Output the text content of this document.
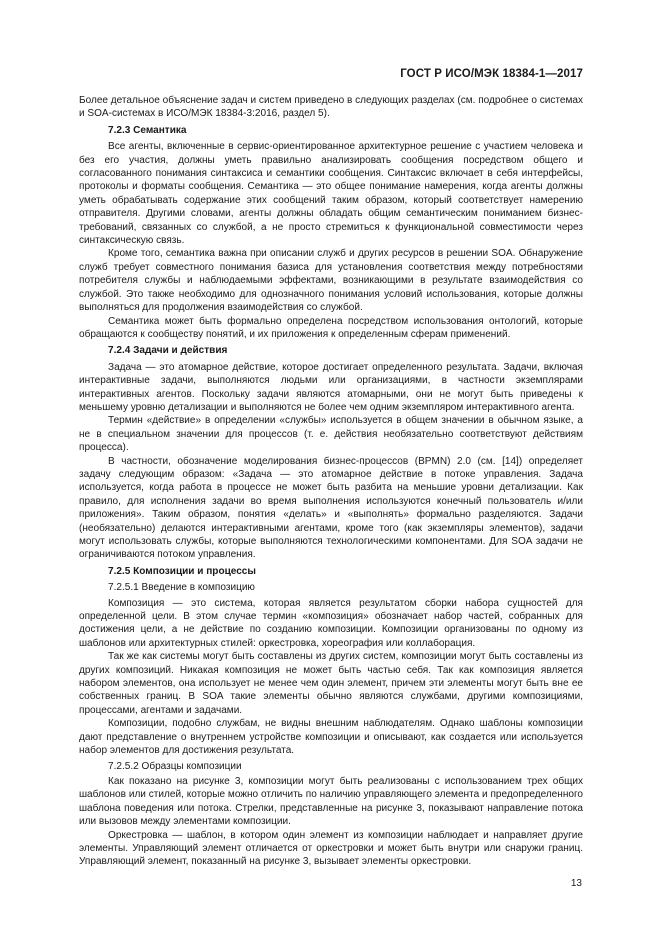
ГОСТ Р ИСО/МЭК 18384-1—2017

Более детальное объяснение задач и систем приведено в следующих разделах (см. подробнее о системах и SOA-системах в ИСО/МЭК 18384-3:2016, раздел 5).

7.2.3 Семантика

Все агенты, включенные в сервис-ориентированное архитектурное решение с участием человека и без его участия, должны уметь правильно анализировать сообщения посредством общего и согласованного понимания синтаксиса и семантики сообщения. Синтаксис включает в себя интерфейсы, протоколы и форматы сообщения. Семантика — это общее понимание намерения, когда агенты должны уметь обрабатывать содержание этих сообщений таким образом, который соответствует намерению отправителя. Другими словами, агенты должны обладать общим семантическим пониманием бизнес-требований, связанных со службой, а не просто стремиться к функциональной совместимости через синтаксическую связь.

Кроме того, семантика важна при описании служб и других ресурсов в решении SOA. Обнаружение служб требует совместного понимания базиса для установления соответствия между потребностями потребителя службы и наблюдаемыми эффектами, возникающими в результате взаимодействия со службой. Это также необходимо для однозначного понимания условий использования, которые должны выполняться для продолжения взаимодействия со службой.

Семантика может быть формально определена посредством использования онтологий, которые обращаются к сообществу понятий, и их приложения к определенным сферам применений.

7.2.4 Задачи и действия

Задача — это атомарное действие, которое достигает определенного результата. Задачи, включая интерактивные задачи, выполняются людьми или организациями, в частности экземплярами интерактивных агентов. Поскольку задачи являются атомарными, они не могут быть приведены к меньшему уровню детализации и выполняются не более чем одним экземпляром интерактивного агента.

Термин «действие» в определении «службы» используется в общем значении в обычном языке, а не в специальном значении для процессов (т. е. действия необязательно соответствуют действиям процесса).

В частности, обозначение моделирования бизнес-процессов (BPMN) 2.0 (см. [14]) определяет задачу следующим образом: «Задача — это атомарное действие в потоке управления. Задача используется, когда работа в процессе не может быть разбита на меньшие уровни детализации. Как правило, для исполнения задачи во время выполнения используются конечный пользователь и/или приложения». Таким образом, понятия «делать» и «выполнять» формально разделяются. Задачи (необязательно) делаются интерактивными агентами, кроме того (как экземпляры элементов), задачи могут использовать службы, которые выполняются технологическими компонентами. Для SOA задачи не ограничиваются потоком управления.

7.2.5 Композиции и процессы
7.2.5.1 Введение в композицию

Композиция — это система, которая является результатом сборки набора сущностей для определенной цели. В этом случае термин «композиция» обозначает набор частей, собранных для достижения цели, а не действие по созданию композиции. Композиции организованы по одному из шаблонов или архитектурных стилей: оркестровка, хореография или коллаборация.

Так же как системы могут быть составлены из других систем, композиции могут быть составлены из других композиций. Никакая композиция не может быть частью себя. Так как композиция является набором элементов, она использует не менее чем один элемент, причем эти элементы могут быть вне ее собственных границ. В SOA такие элементы обычно являются службами, другими композициями, процессами, агентами и задачами.

Композиции, подобно службам, не видны внешним наблюдателям. Однако шаблоны композиции дают представление о внутреннем устройстве композиции и описывают, как создается или используется набор элементов для достижения результата.

7.2.5.2 Образцы композиции

Как показано на рисунке 3, композиции могут быть реализованы с использованием трех общих шаблонов или стилей, которые можно отличить по наличию управляющего элемента и предопределенного шаблона поведения или потока. Стрелки, представленные на рисунке 3, показывают направление потока или вызовов между элементами композиции.

Оркестровка — шаблон, в котором один элемент из композиции наблюдает и направляет другие элементы. Управляющий элемент отличается от оркестровки и может быть внутри или снаружи границ. Управляющий элемент, показанный на рисунке 3, вызывает элементы оркестровки.

13
